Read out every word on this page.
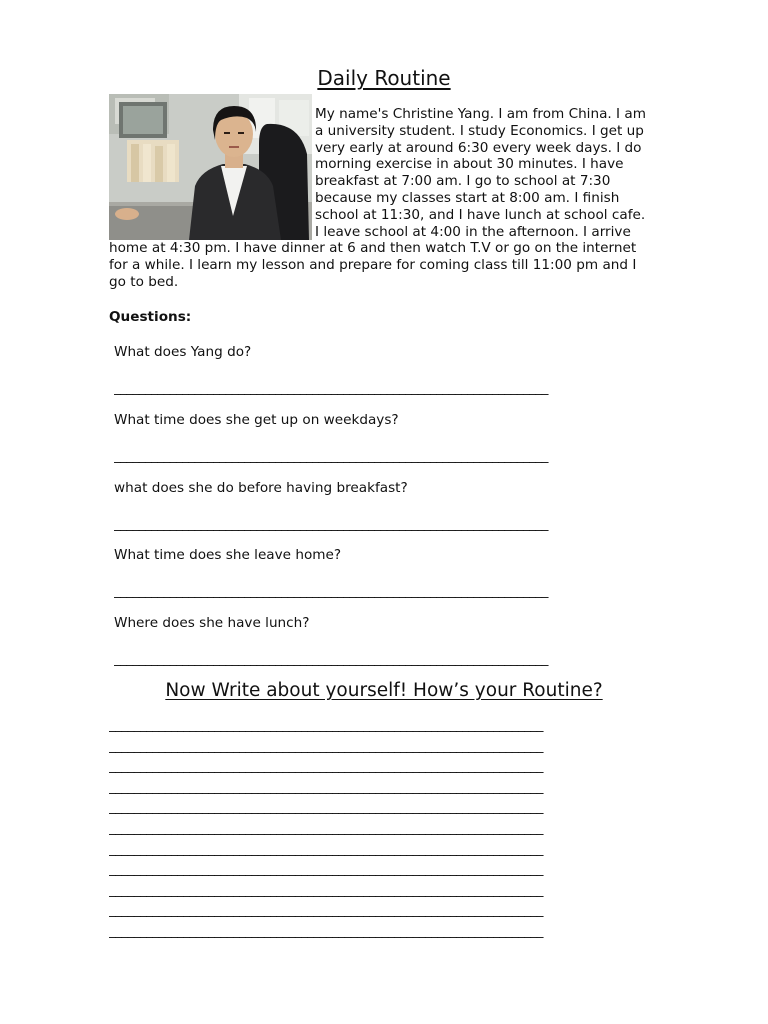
Daily Routine

My name's Christine Yang. I am from China. I am a university student. I study Economics. I get up very early at around 6:30 every week days. I do morning exercise in about 30 minutes. I have breakfast at 7:00 am. I go to school at 7:30 because my classes start at 8:00 am. I finish school at 11:30, and I have lunch at school cafe. I leave school at 4:00 in the afternoon. I arrive home at 4:30 pm. I have dinner at 6 and then watch T.V or go on the internet for a while. I learn my lesson and prepare for coming class till 11:00 pm and I go to bed.

Questions:
What does Yang do?
______________________________________________________________________
What time does she get up on weekdays?
______________________________________________________________________
what does she do before having breakfast?
______________________________________________________________________
What time does she leave home?
______________________________________________________________________
Where does she have lunch?
______________________________________________________________________
Now Write about yourself! How’s your Routine?
______________________________________________________________________
______________________________________________________________________
______________________________________________________________________
______________________________________________________________________
______________________________________________________________________
______________________________________________________________________
______________________________________________________________________
______________________________________________________________________
______________________________________________________________________
______________________________________________________________________
______________________________________________________________________
